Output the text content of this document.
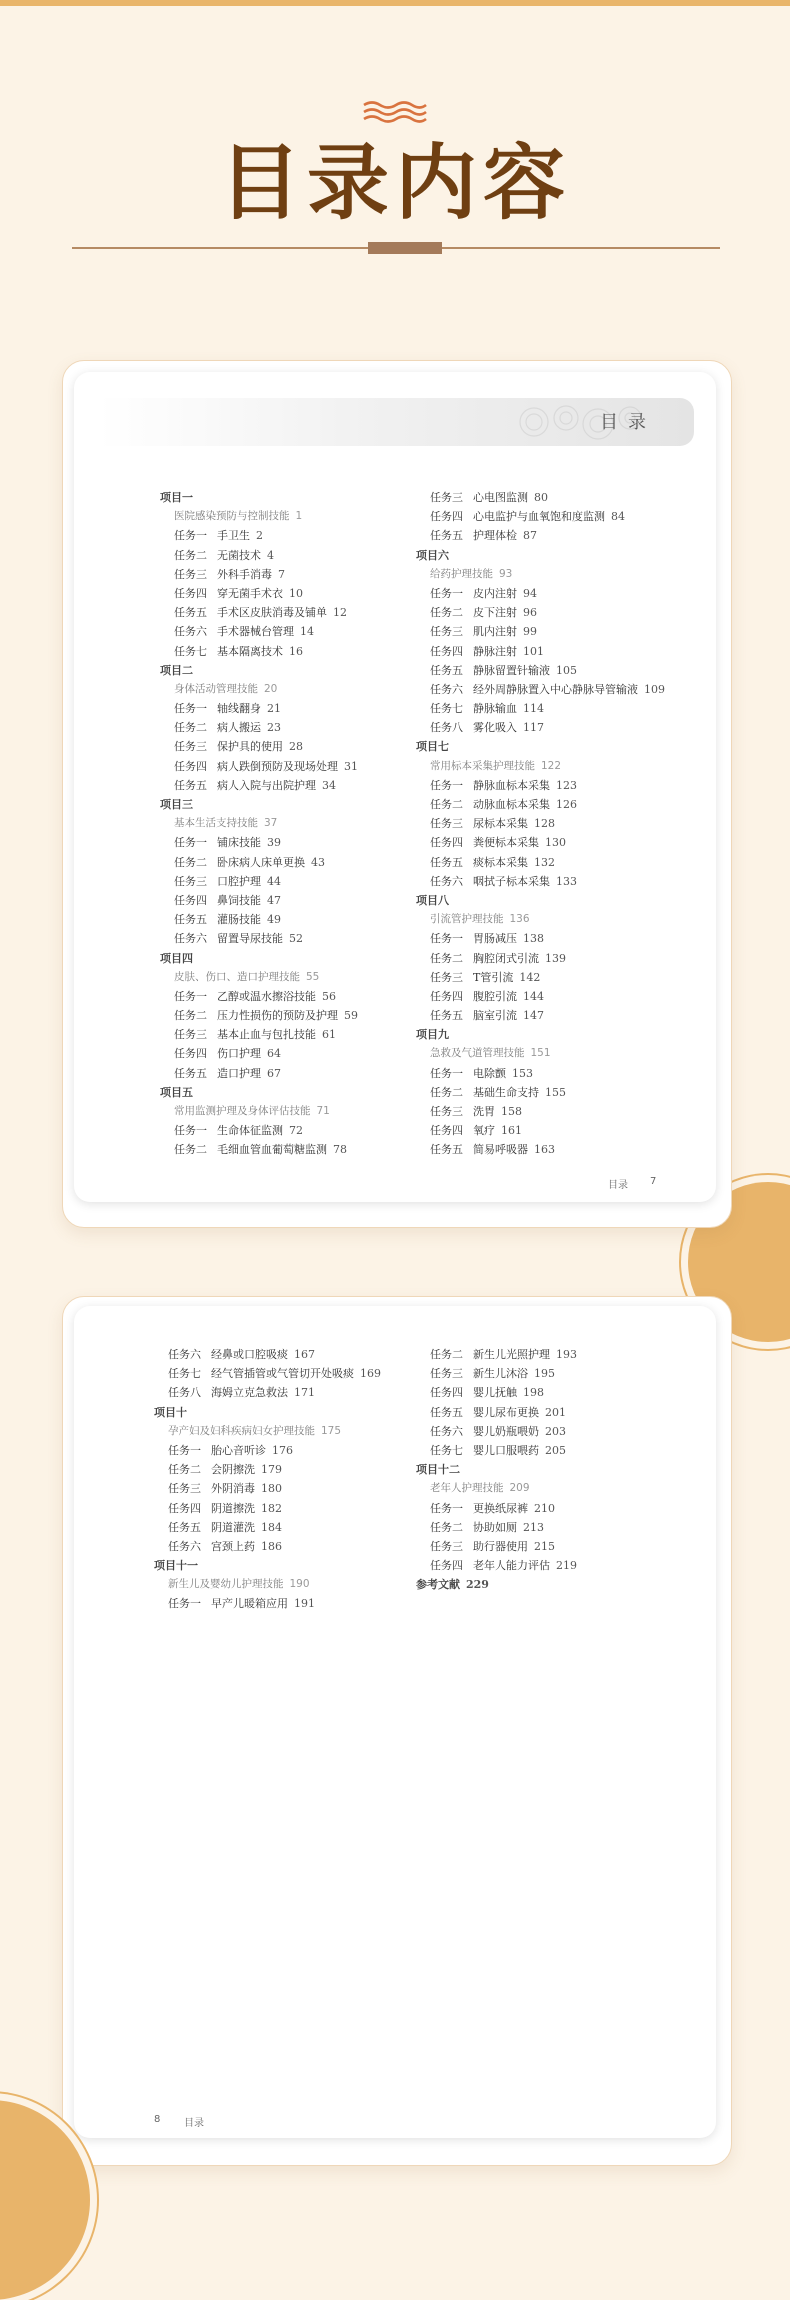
目录内容
目录
项目一
医院感染预防与控制技能 1
任务一 手卫生 2
任务二 无菌技术 4
任务三 外科手消毒 7
任务四 穿无菌手术衣 10
任务五 手术区皮肤消毒及铺单 12
任务六 手术器械台管理 14
任务七 基本隔离技术 16
项目二
身体活动管理技能 20
任务一 轴线翻身 21
任务二 病人搬运 23
任务三 保护具的使用 28
任务四 病人跌倒预防及现场处理 31
任务五 病人入院与出院护理 34
项目三
基本生活支持技能 37
任务一 铺床技能 39
任务二 卧床病人床单更换 43
任务三 口腔护理 44
任务四 鼻饲技能 47
任务五 灌肠技能 49
任务六 留置导尿技能 52
项目四
皮肤、伤口、造口护理技能 55
任务一 乙醇或温水擦浴技能 56
任务二 压力性损伤的预防及护理 59
任务三 基本止血与包扎技能 61
任务四 伤口护理 64
任务五 造口护理 67
项目五
常用监测护理及身体评估技能 71
任务一 生命体征监测 72
任务二 毛细血管血葡萄糖监测 78
任务三 心电图监测 80
任务四 心电监护与血氧饱和度监测 84
任务五 护理体检 87
项目六
给药护理技能 93
任务一 皮内注射 94
任务二 皮下注射 96
任务三 肌内注射 99
任务四 静脉注射 101
任务五 静脉留置针输液 105
任务六 经外周静脉置入中心静脉导管输液 109
任务七 静脉输血 114
任务八 雾化吸入 117
项目七
常用标本采集护理技能 122
任务一 静脉血标本采集 123
任务二 动脉血标本采集 126
任务三 尿标本采集 128
任务四 粪便标本采集 130
任务五 痰标本采集 132
任务六 咽拭子标本采集 133
项目八
引流管护理技能 136
任务一 胃肠减压 138
任务二 胸腔闭式引流 139
任务三 T管引流 142
任务四 腹腔引流 144
任务五 脑室引流 147
项目九
急救及气道管理技能 151
任务一 电除颤 153
任务二 基础生命支持 155
任务三 洗胃 158
任务四 氧疗 161
任务五 简易呼吸器 163
目录 7
任务六 经鼻或口腔吸痰 167
任务七 经气管插管或气管切开处吸痰 169
任务八 海姆立克急救法 171
项目十
孕产妇及妇科疾病妇女护理技能 175
任务一 胎心音听诊 176
任务二 会阴擦洗 179
任务三 外阴消毒 180
任务四 阴道擦洗 182
任务五 阴道灌洗 184
任务六 宫颈上药 186
项目十一
新生儿及婴幼儿护理技能 190
任务一 早产儿暖箱应用 191
任务二 新生儿光照护理 193
任务三 新生儿沐浴 195
任务四 婴儿抚触 198
任务五 婴儿尿布更换 201
任务六 婴儿奶瓶喂奶 203
任务七 婴儿口服喂药 205
项目十二
老年人护理技能 209
任务一 更换纸尿裤 210
任务二 协助如厕 213
任务三 助行器使用 215
任务四 老年人能力评估 219
参考文献 229
8 目录
